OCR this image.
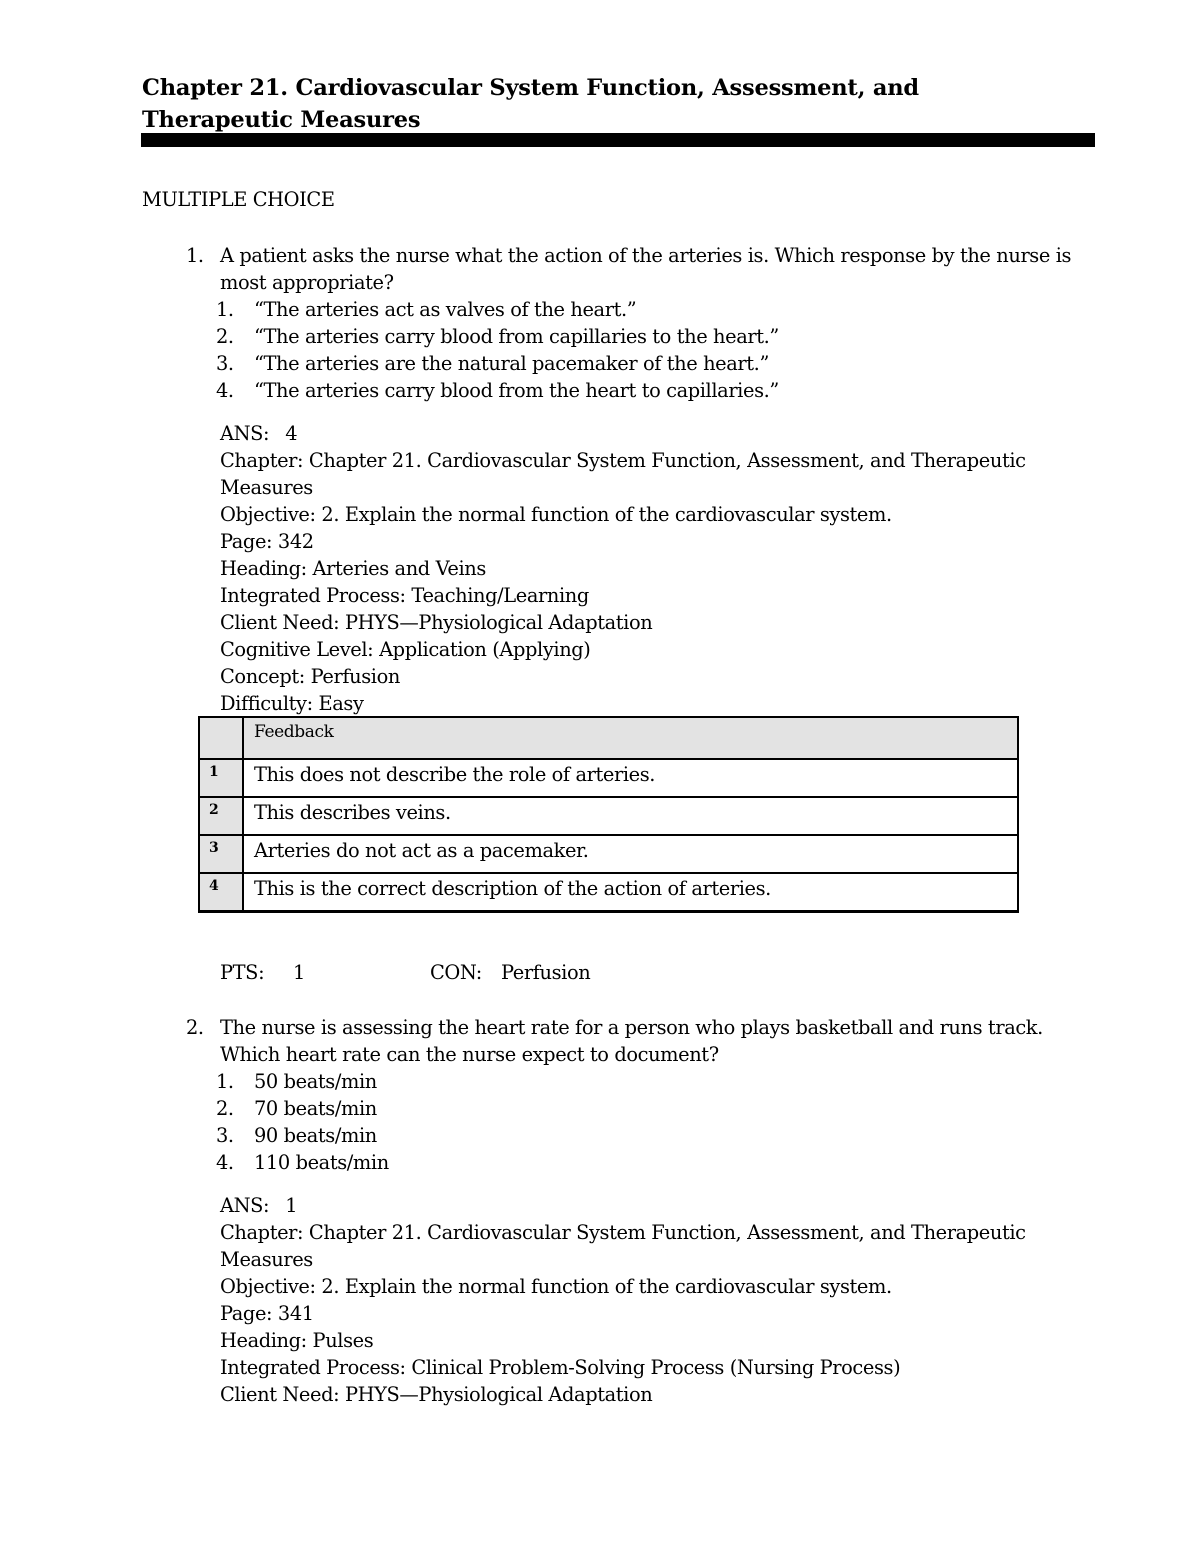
Chapter 21. Cardiovascular System Function, Assessment, and Therapeutic Measures
MULTIPLE CHOICE
1. A patient asks the nurse what the action of the arteries is. Which response by the nurse is most appropriate?
1. “The arteries act as valves of the heart.”
2. “The arteries carry blood from capillaries to the heart.”
3. “The arteries are the natural pacemaker of the heart.”
4. “The arteries carry blood from the heart to capillaries.”
ANS: 4
Chapter: Chapter 21. Cardiovascular System Function, Assessment, and Therapeutic Measures
Objective: 2. Explain the normal function of the cardiovascular system.
Page: 342
Heading: Arteries and Veins
Integrated Process: Teaching/Learning
Client Need: PHYS—Physiological Adaptation
Cognitive Level: Application (Applying)
Concept: Perfusion
Difficulty: Easy
	Feedback
1	This does not describe the role of arteries.
2	This describes veins.
3	Arteries do not act as a pacemaker.
4	This is the correct description of the action of arteries.
PTS: 1	CON: Perfusion
2. The nurse is assessing the heart rate for a person who plays basketball and runs track. Which heart rate can the nurse expect to document?
1. 50 beats/min
2. 70 beats/min
3. 90 beats/min
4. 110 beats/min
ANS: 1
Chapter: Chapter 21. Cardiovascular System Function, Assessment, and Therapeutic Measures
Objective: 2. Explain the normal function of the cardiovascular system.
Page: 341
Heading: Pulses
Integrated Process: Clinical Problem-Solving Process (Nursing Process)
Client Need: PHYS—Physiological Adaptation
